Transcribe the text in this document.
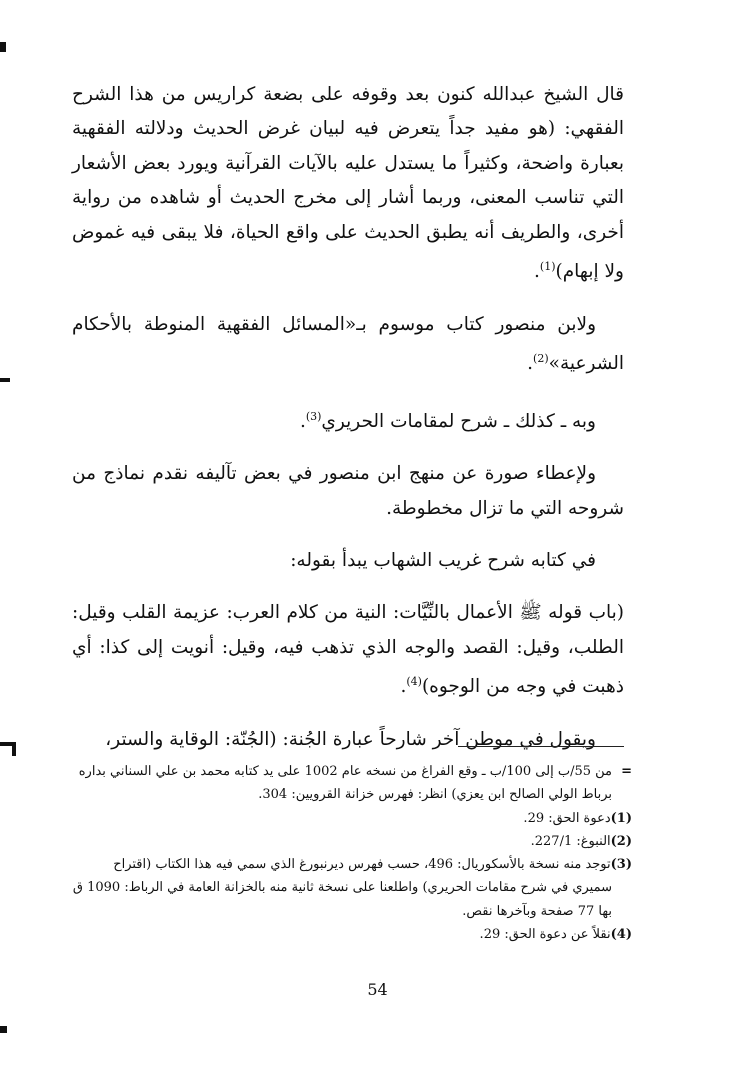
قال الشيخ عبدالله كنون بعد وقوفه على بضعة كراريس من هذا الشرح الفقهي: (هو مفيد جداً يتعرض فيه لبيان غرض الحديث ودلالته الفقهية بعبارة واضحة، وكثيراً ما يستدل عليه بالآيات القرآنية ويورد بعض الأشعار التي تناسب المعنى، وربما أشار إلى مخرج الحديث أو شاهده من رواية أخرى، والطريف أنه يطبق الحديث على واقع الحياة، فلا يبقى فيه غموض ولا إبهام)$^{(1)}$.

ولابن منصور كتاب موسوم بـ«المسائل الفقهية المنوطة بالأحكام الشرعية»$^{(2)}$.

وبه ـ كذلك ـ شرح لمقامات الحريري$^{(3)}$.

ولإعطاء صورة عن منهج ابن منصور في بعض تآليفه نقدم نماذج من شروحه التي ما تزال مخطوطة.

في كتابه شرح غريب الشهاب يبدأ بقوله:

(باب قوله ﷺ الأعمال بالنِّيَّات: النية من كلام العرب: عزيمة القلب وقيل: الطلب، وقيل: القصد والوجه الذي تذهب فيه، وقيل: أنويت إلى كذا: أي ذهبت في وجه من الوجوه)$^{(4)}$.

ويقول في موطن آخر شارحاً عبارة الجُنة: (الجُنّة: الوقاية والستر،

=من 55/ب إلى 100/ب ـ وقع الفراغ من نسخه عام 1002 على يد كتابه محمد بن علي السناني بداره برباط الولي الصالح ابن يعزي) انظر: فهرس خزانة القرويين: 304.

(1)دعوة الحق: 29.

(2)النبوغ: 227/1.

(3)توجد منه نسخة بالأسكوريال: 496، حسب فهرس ديرنبورغ الذي سمي فيه هذا الكتاب (اقتراح سميري في شرح مقامات الحريري) واطلعنا على نسخة ثانية منه بالخزانة العامة في الرباط: 1090 ق بها 77 صفحة وبآخرها نقص.

(4)نقلاً عن دعوة الحق: 29.

54
